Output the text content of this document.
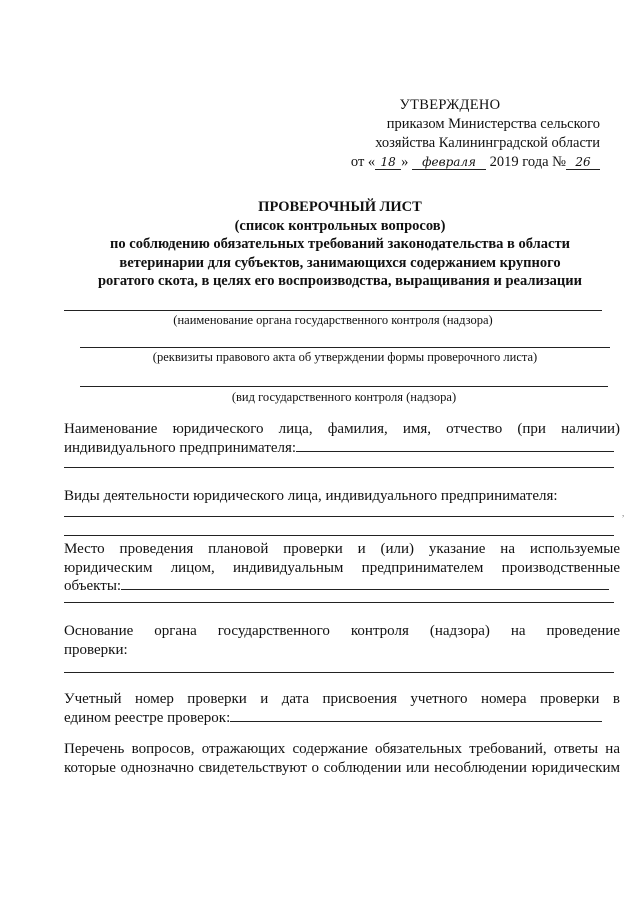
УТВЕРЖДЕНО
приказом Министерства сельского
хозяйства Калининградской области
от « 18 » февраля 2019 года № 26
ПРОВЕРОЧНЫЙ ЛИСТ
(список контрольных вопросов)
по соблюдению обязательных требований законодательства в области
ветеринарии для субъектов, занимающихся содержанием крупного
рогатого скота, в целях его воспроизводства, выращивания и реализации
(наименование органа государственного контроля (надзора)
(реквизиты правового акта об утверждении формы проверочного листа)
(вид государственного контроля (надзора)
Наименование юридического лица, фамилия, имя, отчество (при наличии)
индивидуального предпринимателя:
Виды деятельности юридического лица, индивидуального предпринимателя:
,
Место проведения плановой проверки и (или) указание на используемые
юридическим лицом, индивидуальным предпринимателем производственные
объекты:
Основание органа государственного контроля (надзора) на проведение
проверки:
Учетный номер проверки и дата присвоения учетного номера проверки в
едином реестре проверок:
Перечень вопросов, отражающих содержание обязательных требований, ответы на
которые однозначно свидетельствуют о соблюдении или несоблюдении юридическим
